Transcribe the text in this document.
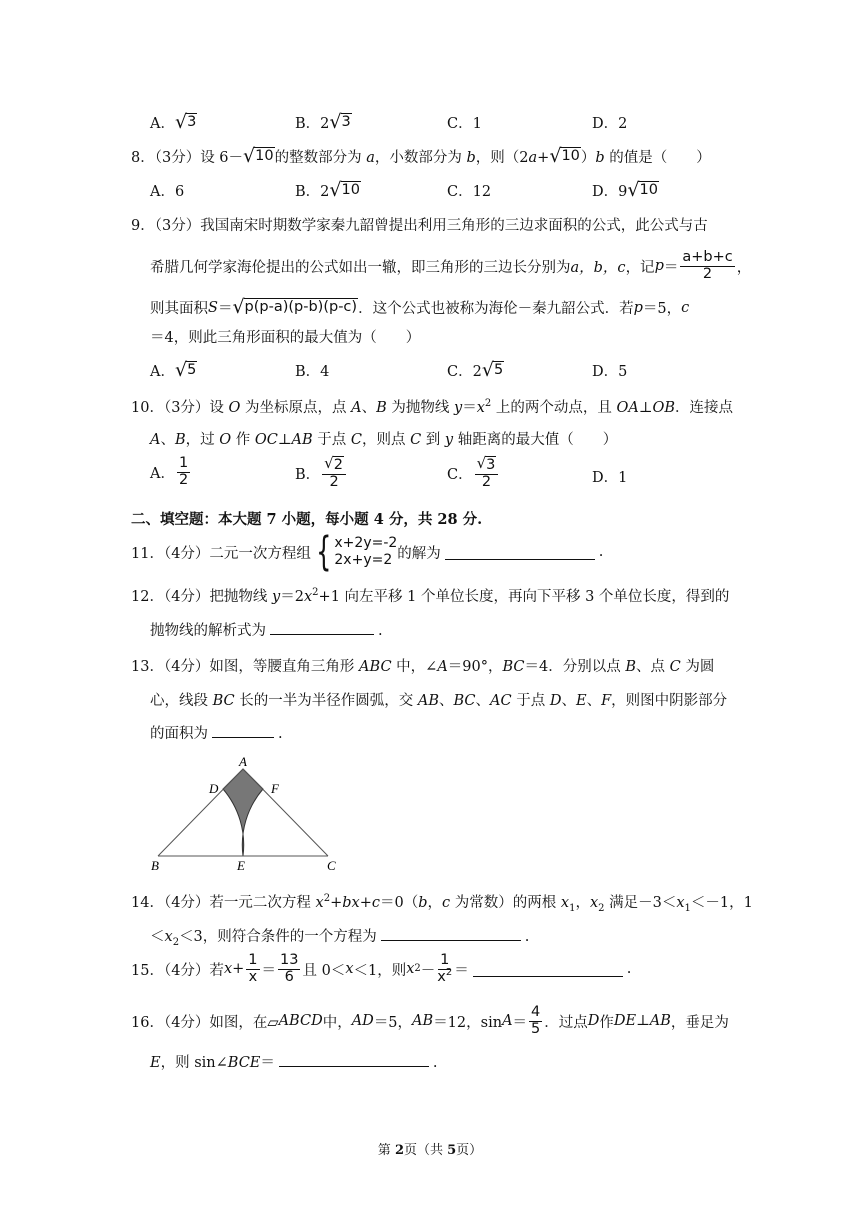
A． √ 3	B．2 √ 3	C．1	D．2
8．（3分）设 6－ √ 10 的整数部分为 a，小数部分为 b，则（2a+ √ 10 ）b 的值是（　　）
A．6	B．2 √ 10	C．12	D．9 √ 10
9．（3分）我国南宋时期数学家秦九韶曾提出利用三角形的三边求面积的公式，此公式与古
希腊几何学家海伦提出的公式如出一辙，即三角形的三边长分别为 a，b，c ，记 $p = \frac{a+b+c}{2}$ ，
则其面积 S ＝ √ p(p-a)(p-b)(p-c) ．这个公式也被称为海伦－秦九韶公式．若 p ＝5， c
＝4，则此三角形面积的最大值为（　　）
A． √ 5	B．4	C．2 √ 5	D．5
10．（3分）设 O 为坐标原点，点 A、B 为抛物线 $y=x^2$ 上的两个动点，且 OA⊥OB．连接点
A、B，过 O 作 OC⊥AB 于点 C，则点 C 到 y 轴距离的最大值（　　）
A． $\frac{1}{2}$	B． $\frac{√ 2}{2}$	C． $\frac{√ 3}{2}$	D．1
二、填空题：本大题 7 小题，每小题 4 分，共 28 分.
11．（4分）二元一次方程组 { x+2y=-2
2x+y=2 的解为	.
12．（4分）把抛物线 $y=2x^2+1$ 向左平移 1 个单位长度，再向下平移 3 个单位长度，得到的
抛物线的解析式为	.
13．（4分）如图，等腰直角三角形 ABC 中，∠A＝90°，BC＝4．分别以点 B、点 C 为圆
心，线段 BC 长的一半为半径作圆弧，交 AB、BC、AC 于点 D、E、F，则图中阴影部分
的面积为	.
A
D	F
B	E	C
14．（4分）若一元二次方程 $x^2+bx+c=0(b$，c 为常数）的两根 $x_1$，$x_2$ 满足$-3<x_1<-1$，1
$<x_2<3$，则符合条件的一个方程为	.
15．（4分）若 $x + \frac{1}{x} = \frac{13}{6}$ 且 0＜ x ＜1，则 x $2 - \frac{1}{x^2}$ ＝	.
16．（4分）如图，在▱ ABCD 中， AD ＝5， AB ＝12，$\sin A = \frac{4}{5}$ ．过点 D 作 DE ⊥ AB ，垂足为
E，则 sin∠BCE＝	.
第 2页（共 5页）
